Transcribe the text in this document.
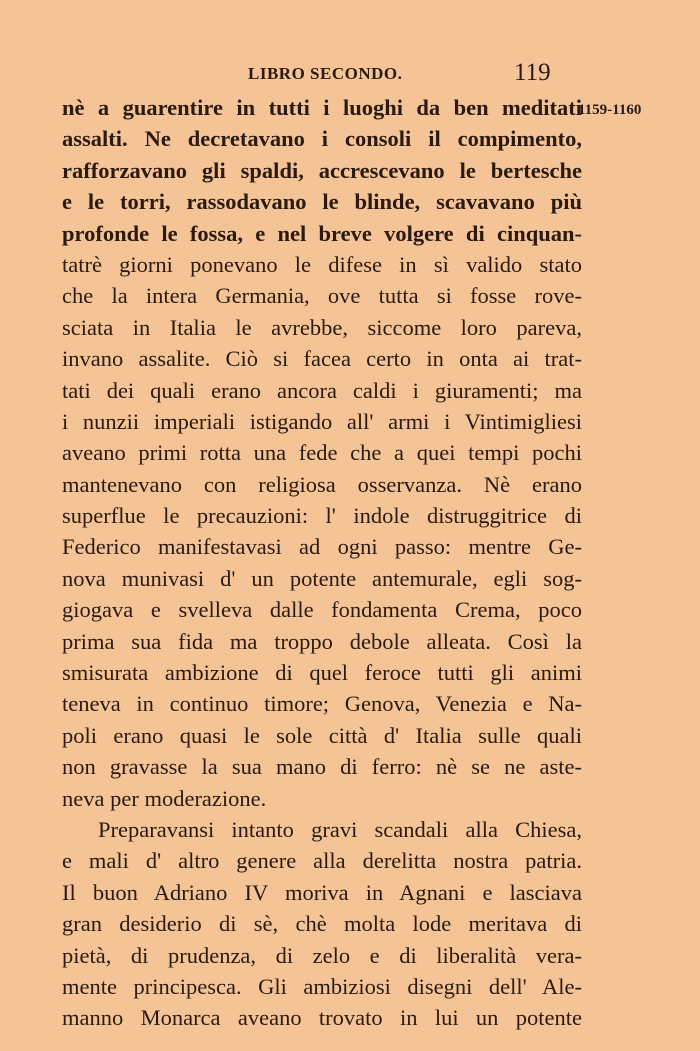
LIBRO SECONDO.	119
1159-1160
nè a guarentire in tutti i luoghi da ben meditati
assalti. Ne decretavano i consoli il compimento,
rafforzavano gli spaldi, accrescevano le bertesche
e le torri, rassodavano le blinde, scavavano più
profonde le fossa, e nel breve volgere di cinquan-
tatrè giorni ponevano le difese in sì valido stato
che la intera Germania, ove tutta si fosse rove-
sciata in Italia le avrebbe, siccome loro pareva,
invano assalite. Ciò si facea certo in onta ai trat-
tati dei quali erano ancora caldi i giuramenti; ma
i nunzii imperiali istigando all' armi i Vintimigliesi
aveano primi rotta una fede che a quei tempi pochi
mantenevano con religiosa osservanza. Nè erano
superflue le precauzioni: l' indole distruggitrice di
Federico manifestavasi ad ogni passo: mentre Ge-
nova munivasi d' un potente antemurale, egli sog-
giogava e svelleva dalle fondamenta Crema, poco
prima sua fida ma troppo debole alleata. Così la
smisurata ambizione di quel feroce tutti gli animi
teneva in continuo timore; Genova, Venezia e Na-
poli erano quasi le sole città d' Italia sulle quali
non gravasse la sua mano di ferro: nè se ne aste-
neva per moderazione.
Preparavansi intanto gravi scandali alla Chiesa,
e mali d' altro genere alla derelitta nostra patria.
Il buon Adriano IV moriva in Agnani e lasciava
gran desiderio di sè, chè molta lode meritava di
pietà, di prudenza, di zelo e di liberalità vera-
mente principesca. Gli ambiziosi disegni dell' Ale-
manno Monarca aveano trovato in lui un potente
